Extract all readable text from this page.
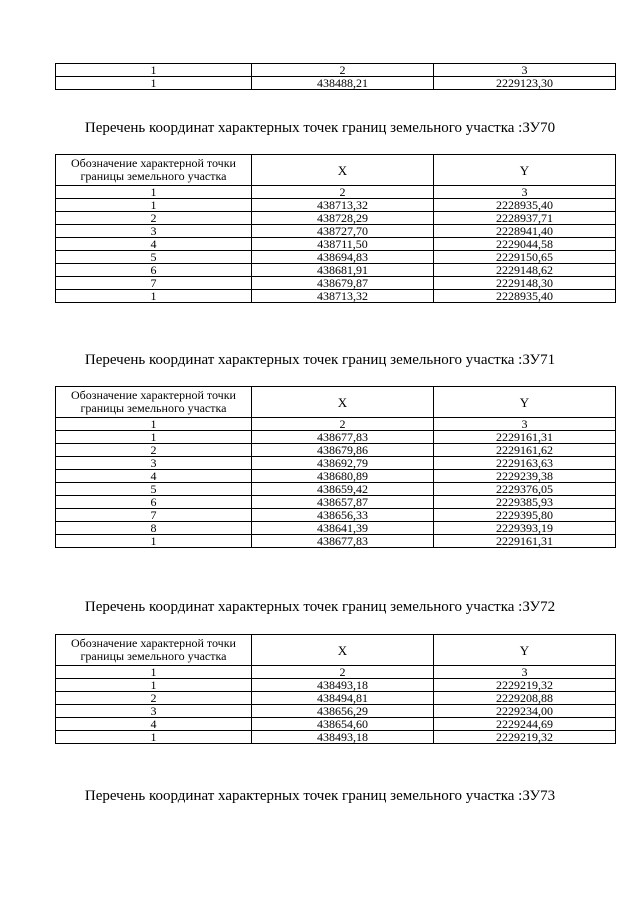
1	2	3
1	438488,21	2229123,30
Перечень координат характерных точек границ земельного участка :ЗУ70
Обозначение характерной точки границы земельного участка	X	Y
1	2	3
1	438713,32	2228935,40
2	438728,29	2228937,71
3	438727,70	2228941,40
4	438711,50	2229044,58
5	438694,83	2229150,65
6	438681,91	2229148,62
7	438679,87	2229148,30
1	438713,32	2228935,40
Перечень координат характерных точек границ земельного участка :ЗУ71
Обозначение характерной точки границы земельного участка	X	Y
1	2	3
1	438677,83	2229161,31
2	438679,86	2229161,62
3	438692,79	2229163,63
4	438680,89	2229239,38
5	438659,42	2229376,05
6	438657,87	2229385,93
7	438656,33	2229395,80
8	438641,39	2229393,19
1	438677,83	2229161,31
Перечень координат характерных точек границ земельного участка :ЗУ72
Обозначение характерной точки границы земельного участка	X	Y
1	2	3
1	438493,18	2229219,32
2	438494,81	2229208,88
3	438656,29	2229234,00
4	438654,60	2229244,69
1	438493,18	2229219,32
Перечень координат характерных точек границ земельного участка :ЗУ73
